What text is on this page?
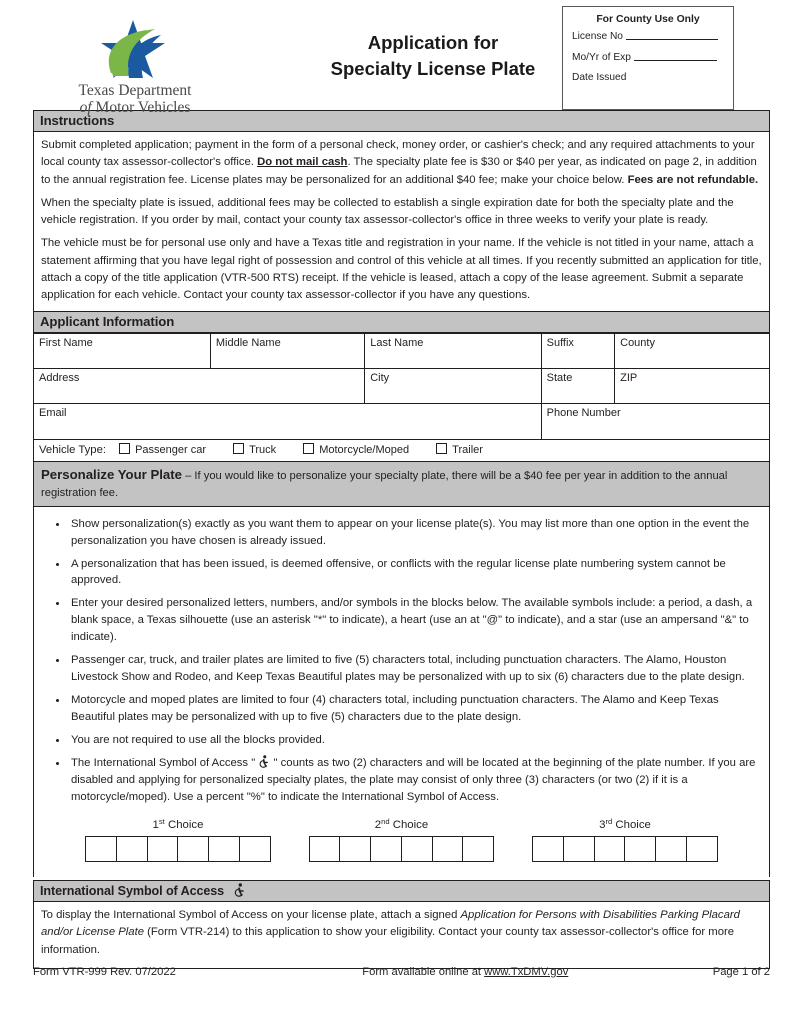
Texas Department
of Motor Vehicles
Application for
Specialty License Plate
For County Use Only
License No
Mo/Yr of Exp
Date Issued
Instructions

Submit completed application; payment in the form of a personal check, money order, or cashier's check; and any required attachments to your local county tax assessor-collector's office. Do not mail cash. The specialty plate fee is $30 or $40 per year, as indicated on page 2, in addition to the annual registration fee. License plates may be personalized for an additional $40 fee; make your choice below. Fees are not refundable.

When the specialty plate is issued, additional fees may be collected to establish a single expiration date for both the specialty plate and the vehicle registration. If you order by mail, contact your county tax assessor-collector's office in three weeks to verify your plate is ready.

The vehicle must be for personal use only and have a Texas title and registration in your name. If the vehicle is not titled in your name, attach a statement affirming that you have legal right of possession and control of this vehicle at all times. If you recently submitted an application for title, attach a copy of the title application (VTR-500 RTS) receipt. If the vehicle is leased, attach a copy of the lease agreement. Submit a separate application for each vehicle. Contact your county tax assessor-collector if you have any questions.

Applicant Information
First Name	Middle Name	Last Name	Suffix	County
Address		City	State	ZIP
Email			Phone Number	
Vehicle Type: Passenger car Truck Motorcycle/Moped Trailer				
Personalize Your Plate – If you would like to personalize your specialty plate, there will be a $40 fee per year in addition to the annual registration fee.
• Show personalization(s) exactly as you want them to appear on your license plate(s). You may list more than one option in the event the personalization you have chosen is already issued.
• A personalization that has been issued, is deemed offensive, or conflicts with the regular license plate numbering system cannot be approved.
• Enter your desired personalized letters, numbers, and/or symbols in the blocks below. The available symbols include: a period, a dash, a blank space, a Texas silhouette (use an asterisk "*" to indicate), a heart (use an at "@" to indicate), and a star (use an ampersand "&" to indicate).
• Passenger car, truck, and trailer plates are limited to five (5) characters total, including punctuation characters. The Alamo, Houston Livestock Show and Rodeo, and Keep Texas Beautiful plates may be personalized with up to six (6) characters due to the plate design.
• Motorcycle and moped plates are limited to four (4) characters total, including punctuation characters. The Alamo and Keep Texas Beautiful plates may be personalized with up to five (5) characters due to the plate design.
• You are not required to use all the blocks provided.
• The International Symbol of Access "
" counts as two (2) characters and will be located at the beginning of the plate number. If you are disabled and applying for personalized specialty plates, the plate may consist of only three (3) characters (or two (2) if it is a motorcycle/moped). Use a percent "%" to indicate the International Symbol of Access.
1st Choice	2nd Choice	3rd Choice
International Symbol of Access

To display the International Symbol of Access on your license plate, attach a signed Application for Persons with Disabilities Parking Placard and/or License Plate (Form VTR-214) to this application to show your eligibility. Contact your county tax assessor-collector's office for more information.

Form VTR-999 Rev. 07/2022	Form available online at www.TxDMV.gov	Page 1 of 2
